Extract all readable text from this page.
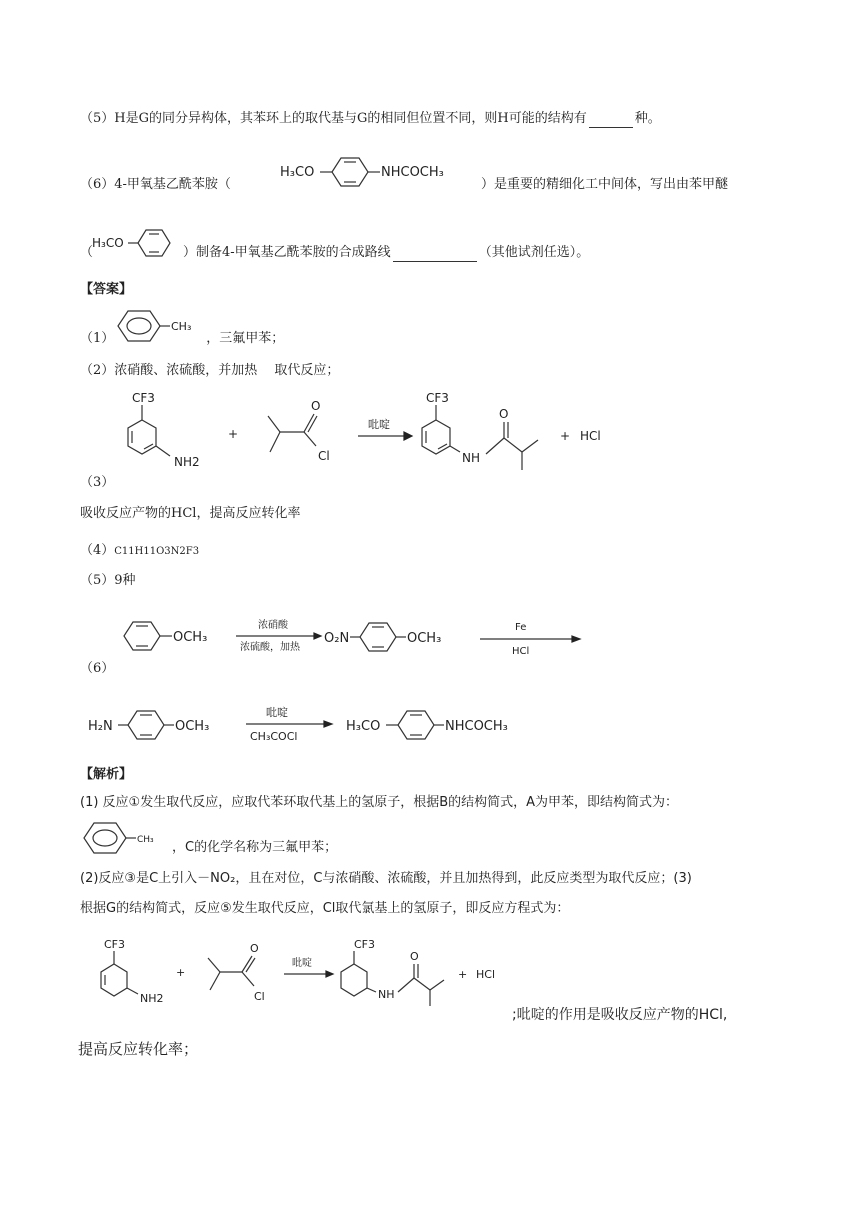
（5）H是G的同分异构体，其苯环上的取代基与G的相同但位置不同，则H可能的结构有	种。
（6）4-甲氧基乙酰苯胺（	）是重要的精细化工中间体，写出由苯甲醚
H₃CO	NHCOCH₃
（	）制备4-甲氧基乙酰苯胺的合成路线	（其他试剂任选）。
H₃CO
【答案】
（1）	，三氟甲苯；
CH₃
（2）浓硝酸、浓硫酸，并加热　 取代反应；
CF3
NH2
+
O
Cl
吡啶
CF3
NH
O
+ HCl
（3）
吸收反应产物的HCl，提高反应转化率
（4）C11H11O3N2F3
（5）9种
OCH₃
浓硝酸
浓硫酸，加热
O₂N	OCH₃
Fe
HCl
（6）
H₂N	OCH₃
吡啶
CH₃COCl
H₃CO	NHCOCH₃
【解析】
(1) 反应①发生取代反应，应取代苯环取代基上的氢原子，根据B的结构简式，A为甲苯，即结构简式为：
CH₃ ，C的化学名称为三氟甲苯；
(2)反应③是C上引入－NO₂，且在对位，C与浓硝酸、浓硫酸，并且加热得到，此反应类型为取代反应；(3)
根据G的结构简式，反应⑤发生取代反应，Cl取代氯基上的氢原子，即反应方程式为：
CF3
NH2
+
O
Cl
吡啶
CF3
NH
O
+ HCl
;吡啶的作用是吸收反应产物的HCl,
提高反应转化率；
